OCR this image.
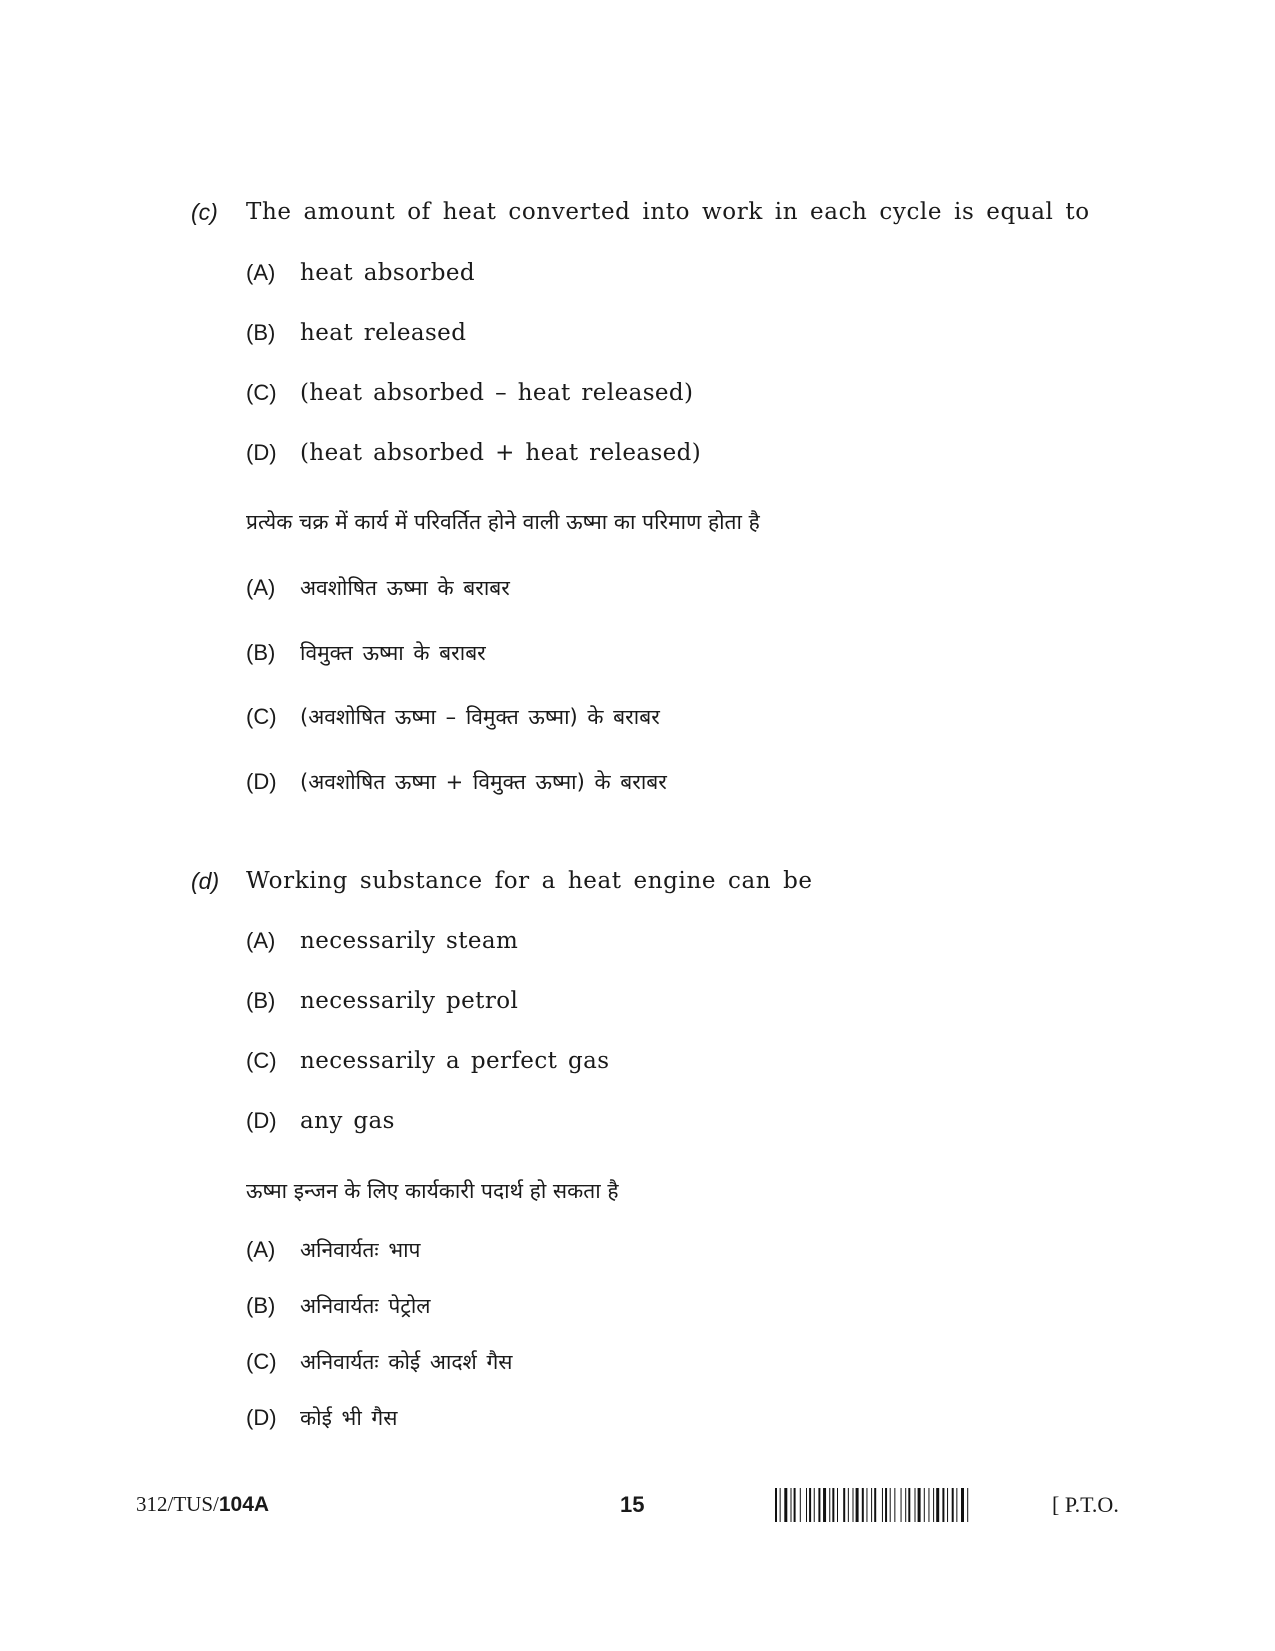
(c) The amount of heat converted into work in each cycle is equal to
(A)	heat absorbed
(B)	heat released
(C)	(heat absorbed – heat released)
(D)	(heat absorbed + heat released)
प्रत्येक चक्र में कार्य में परिवर्तित होने वाली ऊष्मा का परिमाण होता है
(A)	अवशोषित ऊष्मा के बराबर
(B)	विमुक्त ऊष्मा के बराबर
(C)	(अवशोषित ऊष्मा – विमुक्त ऊष्मा) के बराबर
(D)	(अवशोषित ऊष्मा + विमुक्त ऊष्मा) के बराबर
(d) Working substance for a heat engine can be
(A)	necessarily steam
(B)	necessarily petrol
(C)	necessarily a perfect gas
(D)	any gas
ऊष्मा इन्जन के लिए कार्यकारी पदार्थ हो सकता है
(A)	अनिवार्यतः भाप
(B)	अनिवार्यतः पेट्रोल
(C)	अनिवार्यतः कोई आदर्श गैस
(D)	कोई भी गैस
312/TUS/104A	15	[ P.T.O.
